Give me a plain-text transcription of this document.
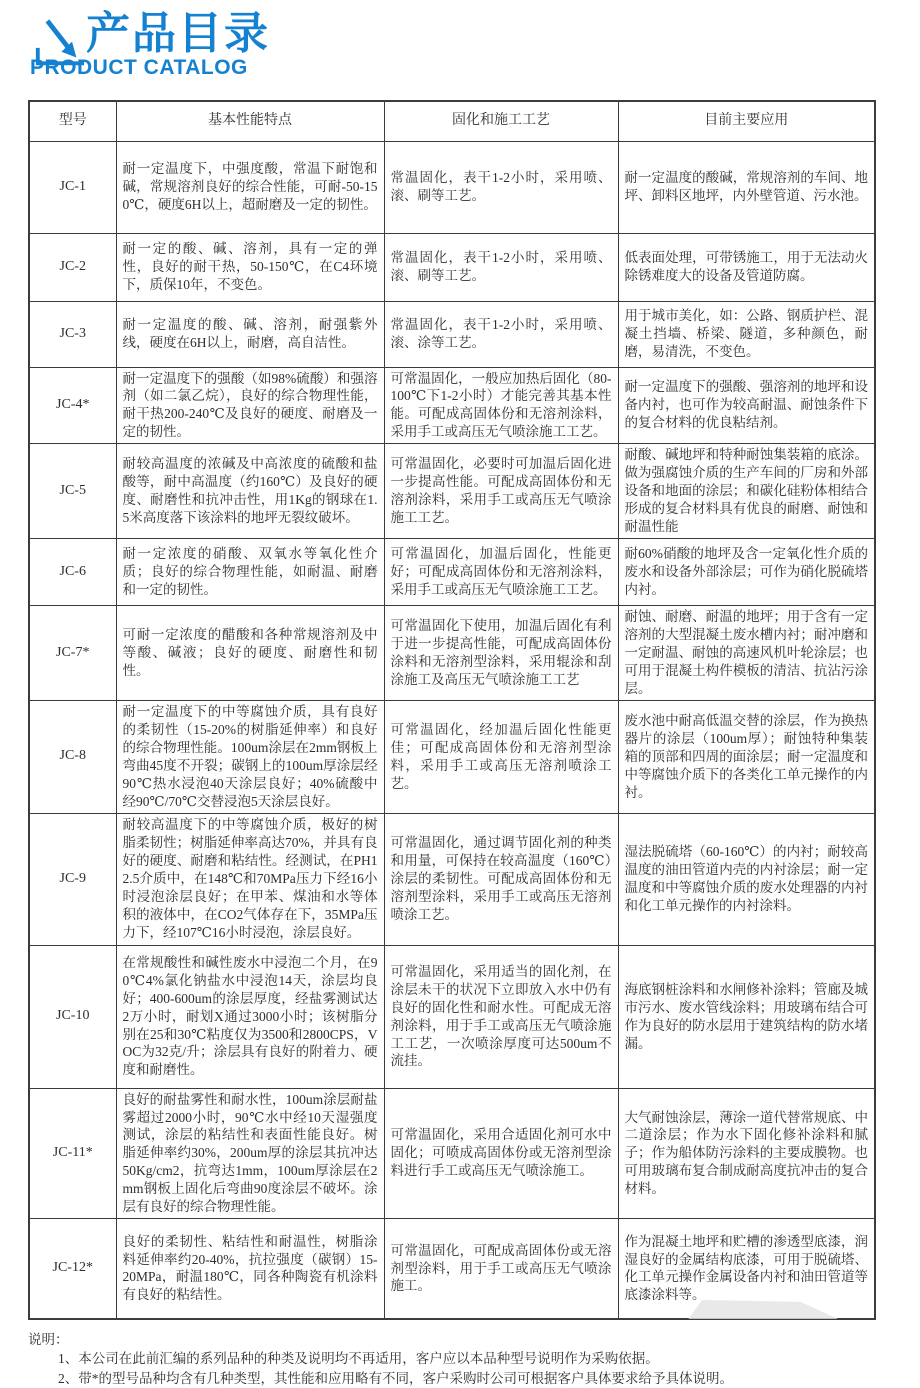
产品目录
PRODUCT CATALOG
型号	基本性能特点	固化和施工工艺	目前主要应用
JC-1	耐一定温度下，中强度酸，常温下耐饱和碱，常规溶剂良好的综合性能，可耐-50-150℃，硬度6H以上，超耐磨及一定的韧性。	常温固化，表干1-2小时，采用喷、滚、刷等工艺。	耐一定温度的酸碱，常规溶剂的车间、地坪、卸料区地坪，内外壁管道、污水池。
JC-2	耐一定的酸、碱、溶剂，具有一定的弹性，良好的耐干热，50-150℃，在C4环境下，质保10年，不变色。	常温固化，表干1-2小时，采用喷、滚、刷等工艺。	低表面处理，可带锈施工，用于无法动火除锈难度大的设备及管道防腐。
JC-3	耐一定温度的酸、碱、溶剂，耐强紫外线，硬度在6H以上，耐磨，高自洁性。	常温固化，表干1-2小时，采用喷、滚、涂等工艺。	用于城市美化，如：公路、钢质护栏、混凝土挡墙、桥梁、隧道，多种颜色，耐磨，易清洗，不变色。
JC-4*	耐一定温度下的强酸（如98%硫酸）和强溶剂（如二氯乙烷），良好的综合物理性能，耐干热200-240℃及良好的硬度、耐磨及一定的韧性。	可常温固化，一般应加热后固化（80-100℃下1-2小时）才能完善其基本性能。可配成高固体份和无溶剂涂料，采用手工或高压无气喷涂施工工艺。	耐一定温度下的强酸、强溶剂的地坪和设备内衬，也可作为较高耐温、耐蚀条件下的复合材料的优良粘结剂。
JC-5	耐较高温度的浓碱及中高浓度的硫酸和盐酸等，耐中高温度（约160℃）及良好的硬度、耐磨性和抗冲击性，用1Kg的钢球在1.5米高度落下该涂料的地坪无裂纹破坏。	可常温固化，必要时可加温后固化进一步提高性能。可配成高固体份和无溶剂涂料，采用手工或高压无气喷涂施工工艺。	耐酸、碱地坪和特种耐蚀集装箱的底涂。做为强腐蚀介质的生产车间的厂房和外部设备和地面的涂层；和碳化硅粉体相结合形成的复合材料具有优良的耐磨、耐蚀和耐温性能
JC-6	耐一定浓度的硝酸、双氧水等氧化性介质；良好的综合物理性能，如耐温、耐磨和一定的韧性。	可常温固化，加温后固化，性能更好；可配成高固体份和无溶剂涂料，采用手工或高压无气喷涂施工工艺。	耐60%硝酸的地坪及含一定氧化性介质的废水和设备外部涂层；可作为硝化脱硫塔内衬。
JC-7*	可耐一定浓度的醋酸和各种常规溶剂及中等酸、碱液；良好的硬度、耐磨性和韧性。	可常温固化下使用，加温后固化有利于进一步提高性能，可配成高固体份涂料和无溶剂型涂料，采用辊涂和刮涂施工及高压无气喷涂施工工艺	耐蚀、耐磨、耐温的地坪；用于含有一定溶剂的大型混凝土废水槽内衬；耐冲磨和一定耐温、耐蚀的高速风机叶轮涂层；也可用于混凝土构件模板的清洁、抗沾污涂层。
JC-8	耐一定温度下的中等腐蚀介质，具有良好的柔韧性（15-20%的树脂延伸率）和良好的综合物理性能。100um涂层在2mm钢板上弯曲45度不开裂；碳钢上的100um厚涂层经90℃热水浸泡40天涂层良好；40%硫酸中经90℃/70℃交替浸泡5天涂层良好。	可常温固化，经加温后固化性能更佳；可配成高固体份和无溶剂型涂料，采用手工或高压无溶剂喷涂工艺。	废水池中耐高低温交替的涂层，作为换热器片的涂层（100um厚）；耐蚀特种集装箱的顶部和四周的面涂层；耐一定温度和中等腐蚀介质下的各类化工单元操作的内衬。
JC-9	耐较高温度下的中等腐蚀介质，极好的树脂柔韧性；树脂延伸率高达70%，并具有良好的硬度、耐磨和粘结性。经测试，在PH12.5介质中，在148℃和70MPa压力下经16小时浸泡涂层良好；在甲苯、煤油和水等体积的液体中，在CO2气体存在下，35MPa压力下，经107℃16小时浸泡，涂层良好。	可常温固化，通过调节固化剂的种类和用量，可保持在较高温度（160℃）涂层的柔韧性。可配成高固体份和无溶剂型涂料，采用手工或高压无溶剂喷涂工艺。	湿法脱硫塔（60-160℃）的内衬；耐较高温度的油田管道内壳的内衬涂层；耐一定温度和中等腐蚀介质的废水处理器的内衬和化工单元操作的内衬涂料。
JC-10	在常规酸性和碱性废水中浸泡二个月，在90℃4%氯化钠盐水中浸泡14天，涂层均良好；400-600um的涂层厚度，经盐雾测试达2万小时，耐划X通过3000小时；该树脂分别在25和30℃粘度仅为3500和2800CPS，VOC为32克/升；涂层具有良好的附着力、硬度和耐磨性。	可常温固化，采用适当的固化剂，在涂层未干的状况下立即放入水中仍有良好的固化性和耐水性。可配成无溶剂涂料，用于手工或高压无气喷涂施工工艺，一次喷涂厚度可达500um不流挂。	海底钢桩涂料和水闸修补涂料；管廊及城市污水、废水管线涂料；用玻璃布结合可作为良好的防水层用于建筑结构的防水堵漏。
JC-11*	良好的耐盐雾性和耐水性，100um涂层耐盐雾超过2000小时，90℃水中经10天湿强度测试，涂层的粘结性和表面性能良好。树脂延伸率约30%，200um厚的涂层其抗冲达50Kg/cm2，抗弯达1mm，100um厚涂层在2mm钢板上固化后弯曲90度涂层不破坏。涂层有良好的综合物理性能。	可常温固化，采用合适固化剂可水中固化；可喷成高固体份或无溶剂型涂料进行手工或高压无气喷涂施工。	大气耐蚀涂层，薄涂一道代替常规底、中二道涂层；作为水下固化修补涂料和腻子；作为船体防污涂料的主要成膜物。也可用玻璃布复合制成耐高度抗冲击的复合材料。
JC-12*	良好的柔韧性、粘结性和耐温性，树脂涂料延伸率约20-40%，抗拉强度（碳钢）15-20MPa，耐温180℃，同各种陶瓷有机涂料有良好的粘结性。	可常温固化，可配成高固体份或无溶剂型涂料，用于手工或高压无气喷涂施工。	作为混凝土地坪和贮槽的渗透型底漆，润湿良好的金属结构底漆，可用于脱硫塔、化工单元操作金属设备内衬和油田管道等底漆涂料等。
说明：
1、本公司在此前汇编的系列品种的种类及说明均不再适用，客户应以本品种型号说明作为采购依据。
2、带*的型号品种均含有几种类型，其性能和应用略有不同，客户采购时公司可根据客户具体要求给予具体说明。
